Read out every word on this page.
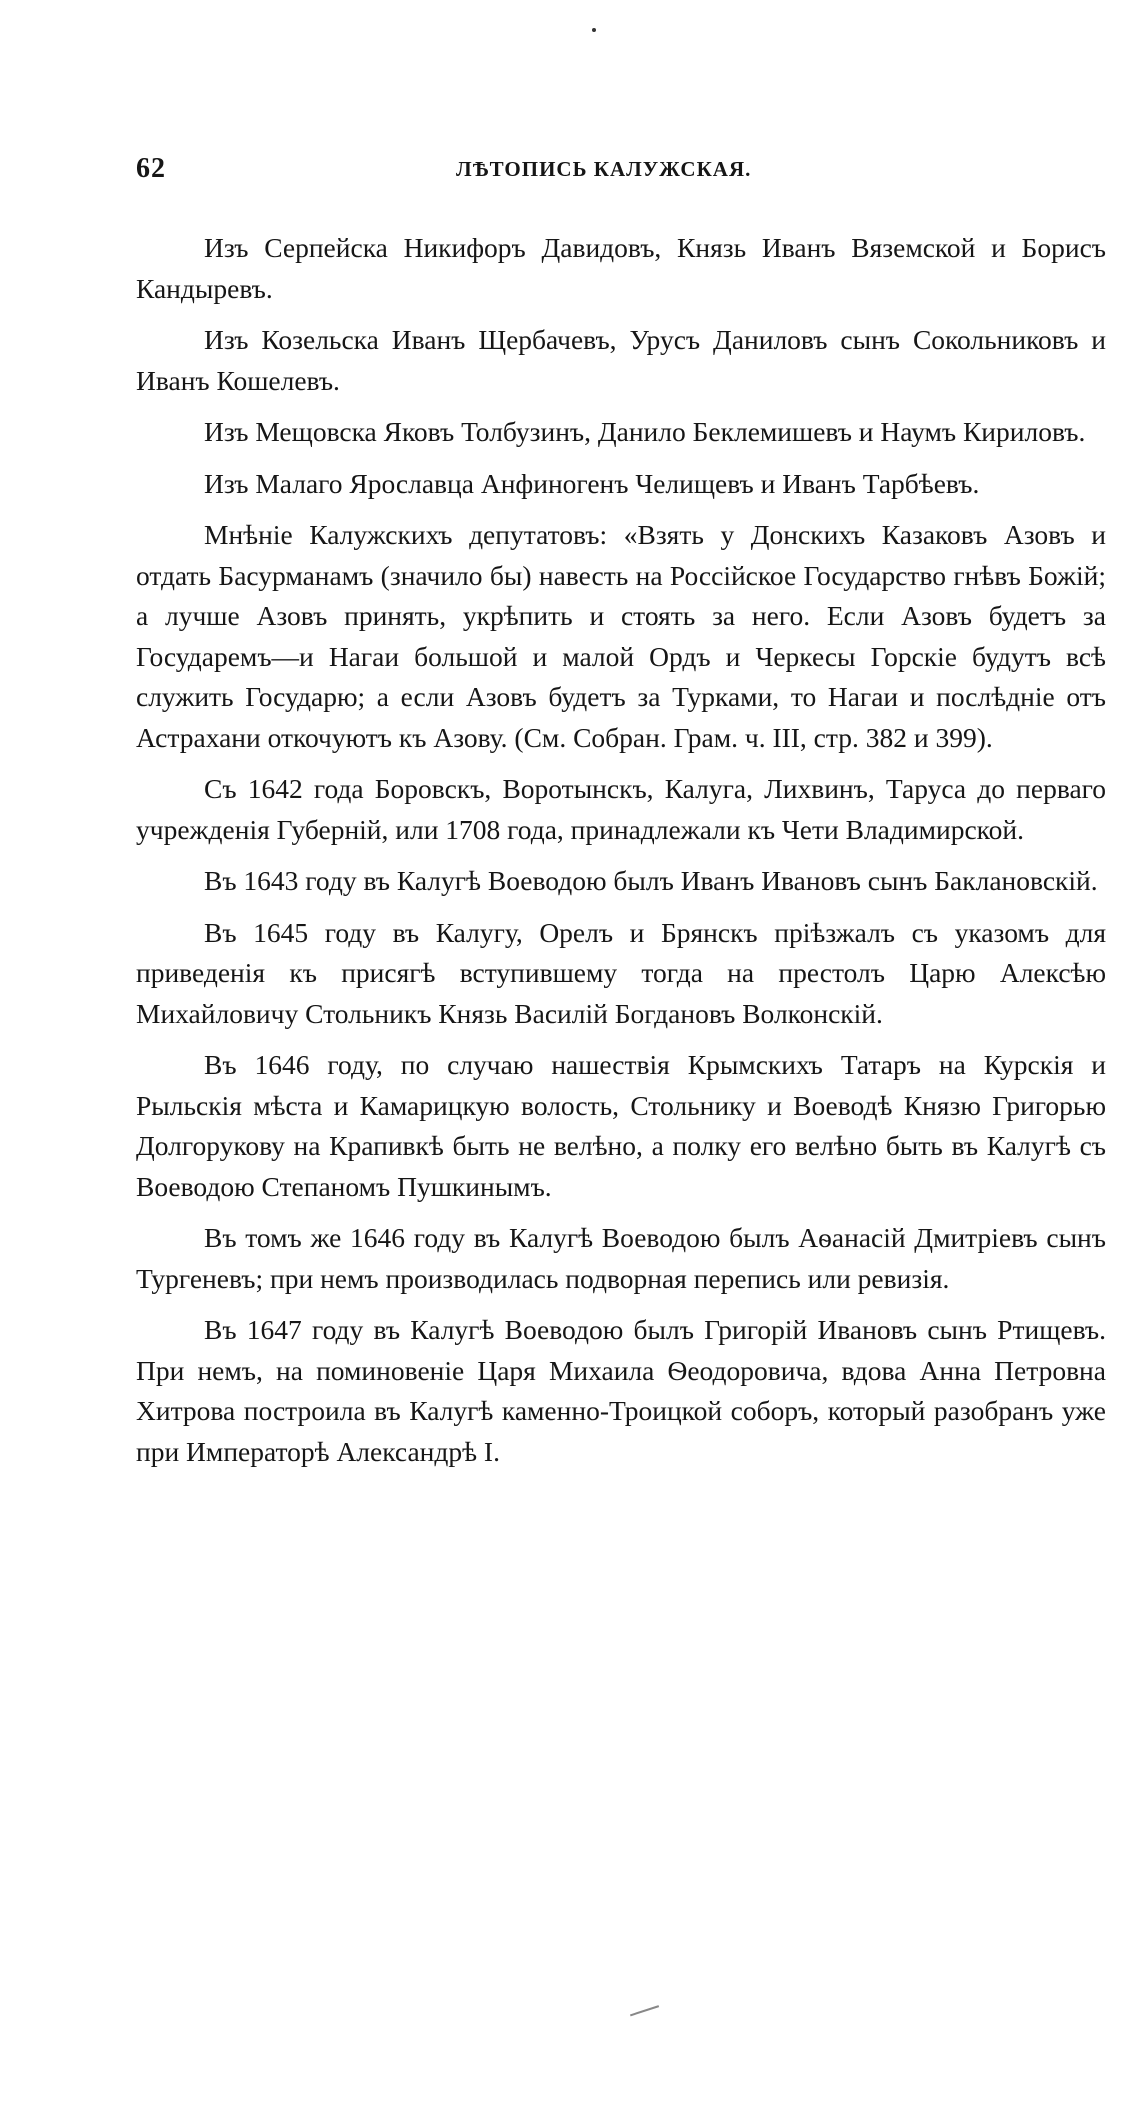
62	ЛѢТОПИСЬ КАЛУЖСКАЯ.

Изъ Серпейска Никифоръ Давидовъ, Князь Иванъ Вяземской и Борисъ Кандыревъ.

Изъ Козельска Иванъ Щербачевъ, Урусъ Даниловъ сынъ Сокольниковъ и Иванъ Кошелевъ.

Изъ Мещовска Яковъ Толбузинъ, Данило Беклемишевъ и Наумъ Кириловъ.

Изъ Малаго Ярославца Анфиногенъ Челищевъ и Иванъ Тарбѣевъ.

Мнѣніе Калужскихъ депутатовъ: «Взять у Донскихъ Казаковъ Азовъ и отдать Басурманамъ (значило бы) навесть на Россійское Государство гнѣвъ Божій; а лучше Азовъ принять, укрѣпить и стоять за него. Если Азовъ будетъ за Государемъ—и Нагаи большой и малой Ордъ и Черкесы Горскіе будутъ всѣ служить Государю; а если Азовъ будетъ за Турками, то Нагаи и послѣдніе отъ Астрахани откочуютъ къ Азову. (См. Собран. Грам. ч. III, стр. 382 и 399).

Съ 1642 года Боровскъ, Воротынскъ, Калуга, Лихвинъ, Таруса до перваго учрежденія Губерній, или 1708 года, принадлежали къ Чети Владимирской.

Въ 1643 году въ Калугѣ Воеводою былъ Иванъ Ивановъ сынъ Баклановскій.

Въ 1645 году въ Калугу, Орелъ и Брянскъ пріѣзжалъ съ указомъ для приведенія къ присягѣ вступившему тогда на престолъ Царю Алексѣю Михайловичу Стольникъ Князь Василій Богдановъ Волконскій.

Въ 1646 году, по случаю нашествія Крымскихъ Татаръ на Курскія и Рыльскія мѣста и Камарицкую волость, Стольнику и Воеводѣ Князю Григорью Долгорукову на Крапивкѣ быть не велѣно, а полку его велѣно быть въ Калугѣ съ Воеводою Степаномъ Пушкинымъ.

Въ томъ же 1646 году въ Калугѣ Воеводою былъ Аѳанасій Дмитріевъ сынъ Тургеневъ; при немъ производилась подворная перепись или ревизія.

Въ 1647 году въ Калугѣ Воеводою былъ Григорій Ивановъ сынъ Ртищевъ. При немъ, на поминовеніе Царя Михаила Ѳеодоровича, вдова Анна Петровна Хитрова построила въ Калугѣ каменно-Троицкой соборъ, который разобранъ уже при Императорѣ Александрѣ I.
